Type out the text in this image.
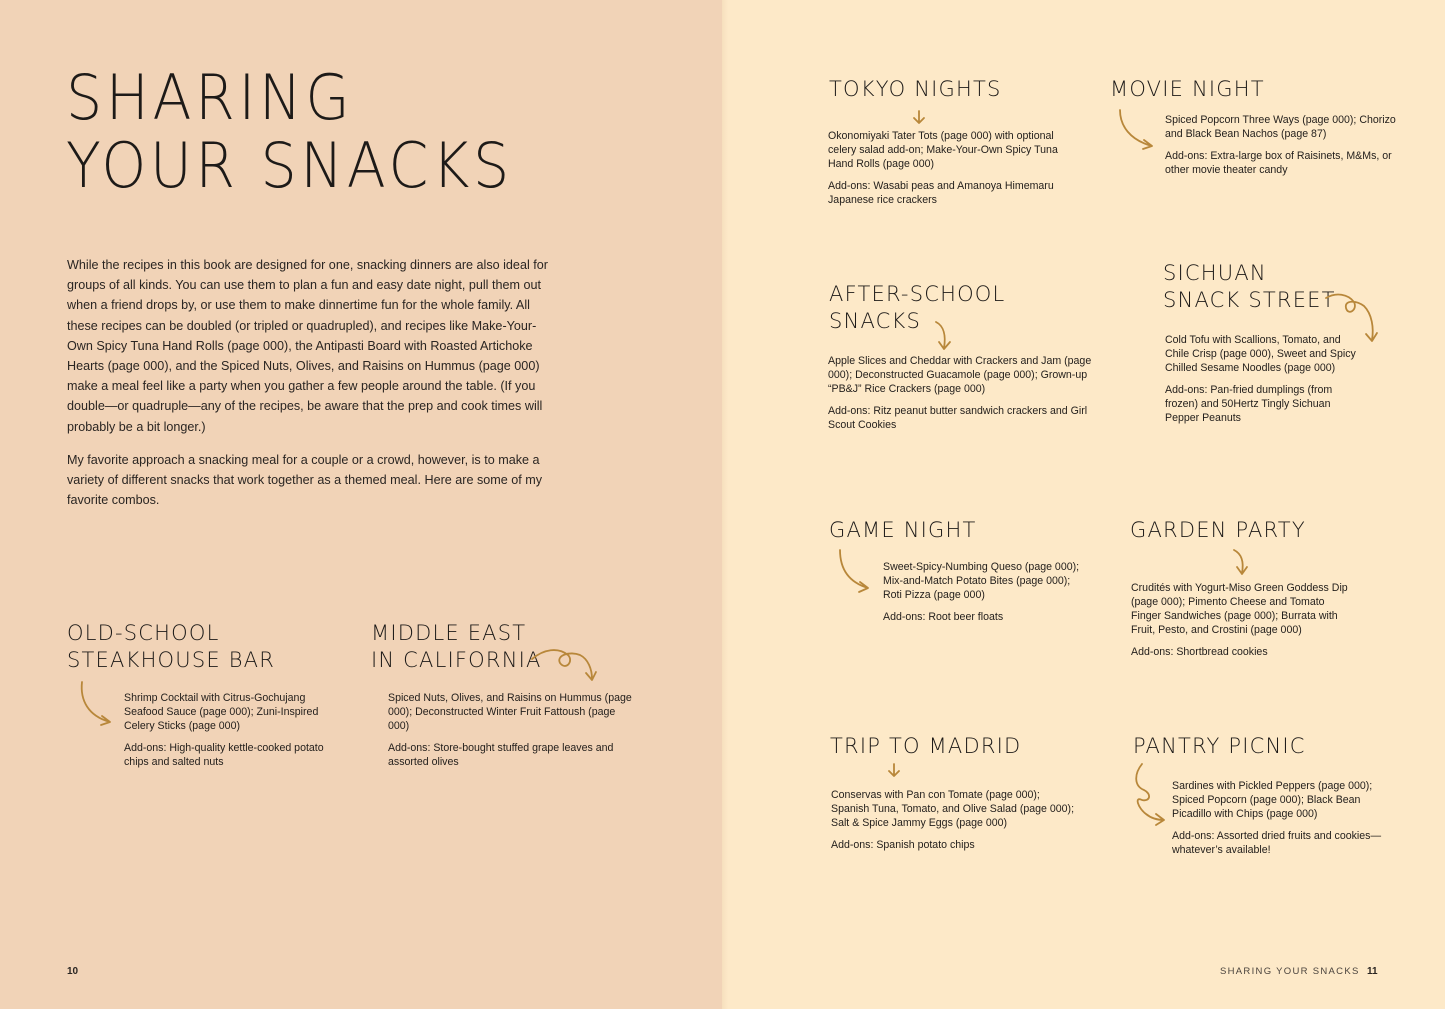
SHARING
YOUR SNACKS

While the recipes in this book are designed for one, snacking dinners are also ideal for groups of all kinds. You can use them to plan a fun and easy date night, pull them out when a friend drops by, or use them to make dinnertime fun for the whole family. All these recipes can be doubled (or tripled or quadrupled), and recipes like Make-Your-Own Spicy Tuna Hand Rolls (page 000), the Antipasti Board with Roasted Artichoke Hearts (page 000), and the Spiced Nuts, Olives, and Raisins on Hummus (page 000) make a meal feel like a party when you gather a few people around the table. (If you double—or quadruple—any of the recipes, be aware that the prep and cook times will probably be a bit longer.)

My favorite approach a snacking meal for a couple or a crowd, however, is to make a variety of different snacks that work together as a themed meal. Here are some of my favorite combos.

OLD-SCHOOL
STEAKHOUSE BAR

Shrimp Cocktail with Citrus-Gochujang Seafood Sauce (page 000); Zuni-Inspired Celery Sticks (page 000)

Add-ons: High-quality kettle-cooked potato chips and salted nuts

MIDDLE EAST
IN CALIFORNIA

Spiced Nuts, Olives, and Raisins on Hummus (page 000); Deconstructed Winter Fruit Fattoush (page 000)

Add-ons: Store-bought stuffed grape leaves and assorted olives

10
TOKYO NIGHTS

Okonomiyaki Tater Tots (page 000) with optional celery salad add-on; Make-Your-Own Spicy Tuna Hand Rolls (page 000)

Add-ons: Wasabi peas and Amanoya Himemaru Japanese rice crackers

MOVIE NIGHT

Spiced Popcorn Three Ways (page 000); Chorizo and Black Bean Nachos (page 87)

Add-ons: Extra-large box of Raisinets, M&Ms, or other movie theater candy

AFTER-SCHOOL
SNACKS

Apple Slices and Cheddar with Crackers and Jam (page 000); Deconstructed Guacamole (page 000); Grown-up “PB&J” Rice Crackers (page 000)

Add-ons: Ritz peanut butter sandwich crackers and Girl Scout Cookies

SICHUAN
SNACK STREET

Cold Tofu with Scallions, Tomato, and Chile Crisp (page 000), Sweet and Spicy Chilled Sesame Noodles (page 000)

Add-ons: Pan-fried dumplings (from frozen) and 50Hertz Tingly Sichuan Pepper Peanuts

GAME NIGHT

Sweet-Spicy-Numbing Queso (page 000); Mix-and-Match Potato Bites (page 000); Roti Pizza (page 000)

Add-ons: Root beer floats

GARDEN PARTY

Crudités with Yogurt-Miso Green Goddess Dip (page 000); Pimento Cheese and Tomato Finger Sandwiches (page 000); Burrata with Fruit, Pesto, and Crostini (page 000)

Add-ons: Shortbread cookies

TRIP TO MADRID

Conservas with Pan con Tomate (page 000); Spanish Tuna, Tomato, and Olive Salad (page 000); Salt & Spice Jammy Eggs (page 000)

Add-ons: Spanish potato chips

PANTRY PICNIC

Sardines with Pickled Peppers (page 000); Spiced Popcorn (page 000); Black Bean Picadillo with Chips (page 000)

Add-ons: Assorted dried fruits and cookies—whatever’s available!

SHARING YOUR SNACKS 11
